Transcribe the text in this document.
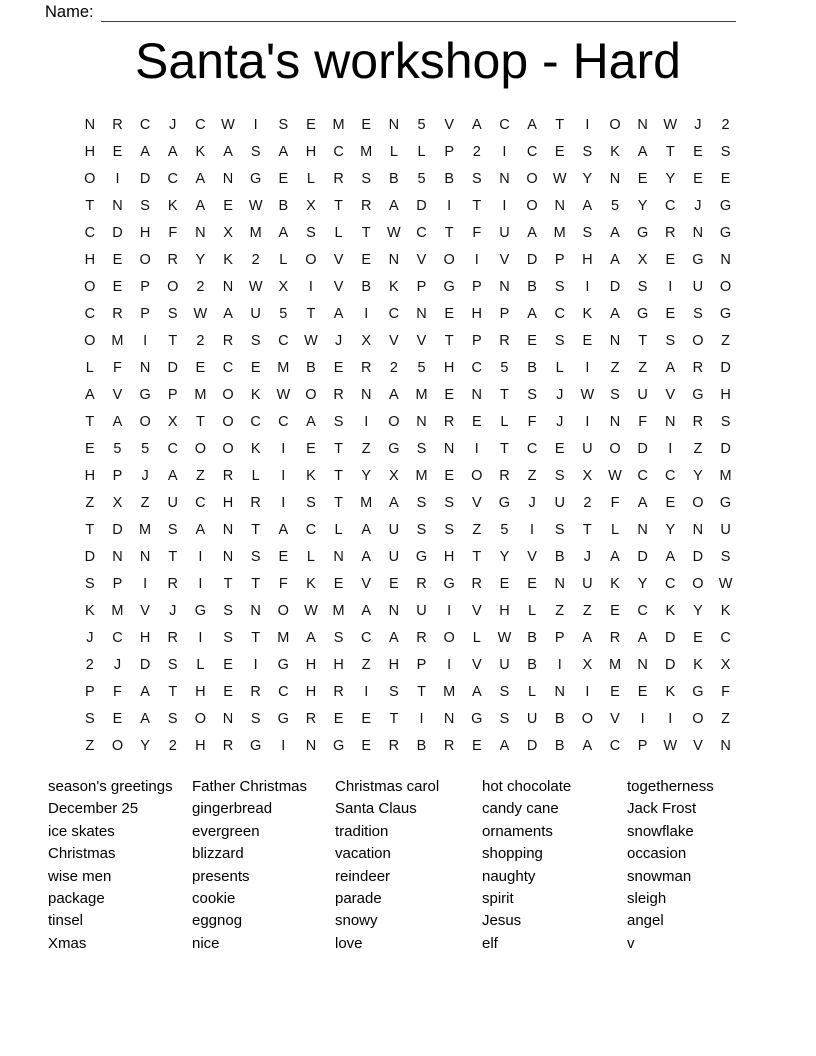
Name:
Santa's workshop - Hard
N	R	C	J	C	W	I	S	E	M	E	N	5	V	A	C	A	T	I	O	N	W	J	2
H	E	A	A	K	A	S	A	H	C	M	L	L	P	2	I	C	E	S	K	A	T	E	S
O	I	D	C	A	N	G	E	L	R	S	B	5	B	S	N	O	W	Y	N	E	Y	E	E
T	N	S	K	A	E	W	B	X	T	R	A	D	I	T	I	O	N	A	5	Y	C	J	G
C	D	H	F	N	X	M	A	S	L	T	W	C	T	F	U	A	M	S	A	G	R	N	G
H	E	O	R	Y	K	2	L	O	V	E	N	V	O	I	V	D	P	H	A	X	E	G	N
O	E	P	O	2	N	W	X	I	V	B	K	P	G	P	N	B	S	I	D	S	I	U	O
C	R	P	S	W	A	U	5	T	A	I	C	N	E	H	P	A	C	K	A	G	E	S	G
O	M	I	T	2	R	S	C	W	J	X	V	V	T	P	R	E	S	E	N	T	S	O	Z
L	F	N	D	E	C	E	M	B	E	R	2	5	H	C	5	B	L	I	Z	Z	A	R	D
A	V	G	P	M	O	K	W	O	R	N	A	M	E	N	T	S	J	W	S	U	V	G	H
T	A	O	X	T	O	C	C	A	S	I	O	N	R	E	L	F	J	I	N	F	N	R	S
E	5	5	C	O	O	K	I	E	T	Z	G	S	N	I	T	C	E	U	O	D	I	Z	D
H	P	J	A	Z	R	L	I	K	T	Y	X	M	E	O	R	Z	S	X	W	C	C	Y	M
Z	X	Z	U	C	H	R	I	S	T	M	A	S	S	V	G	J	U	2	F	A	E	O	G
T	D	M	S	A	N	T	A	C	L	A	U	S	S	Z	5	I	S	T	L	N	Y	N	U
D	N	N	T	I	N	S	E	L	N	A	U	G	H	T	Y	V	B	J	A	D	A	D	S
S	P	I	R	I	T	T	F	K	E	V	E	R	G	R	E	E	N	U	K	Y	C	O	W
K	M	V	J	G	S	N	O	W	M	A	N	U	I	V	H	L	Z	Z	E	C	K	Y	K
J	C	H	R	I	S	T	M	A	S	C	A	R	O	L	W	B	P	A	R	A	D	E	C
2	J	D	S	L	E	I	G	H	H	Z	H	P	I	V	U	B	I	X	M	N	D	K	X
P	F	A	T	H	E	R	C	H	R	I	S	T	M	A	S	L	N	I	E	E	K	G	F
S	E	A	S	O	N	S	G	R	E	E	T	I	N	G	S	U	B	O	V	I	I	O	Z
Z	O	Y	2	H	R	G	I	N	G	E	R	B	R	E	A	D	B	A	C	P	W	V	N
season's greetings
December 25
ice skates
Christmas
wise men
package
tinsel
Xmas
Father Christmas
gingerbread
evergreen
blizzard
presents
cookie
eggnog
nice
Christmas carol
Santa Claus
tradition
vacation
reindeer
parade
snowy
love
hot chocolate
candy cane
ornaments
shopping
naughty
spirit
Jesus
elf
togetherness
Jack Frost
snowflake
occasion
snowman
sleigh
angel
v
